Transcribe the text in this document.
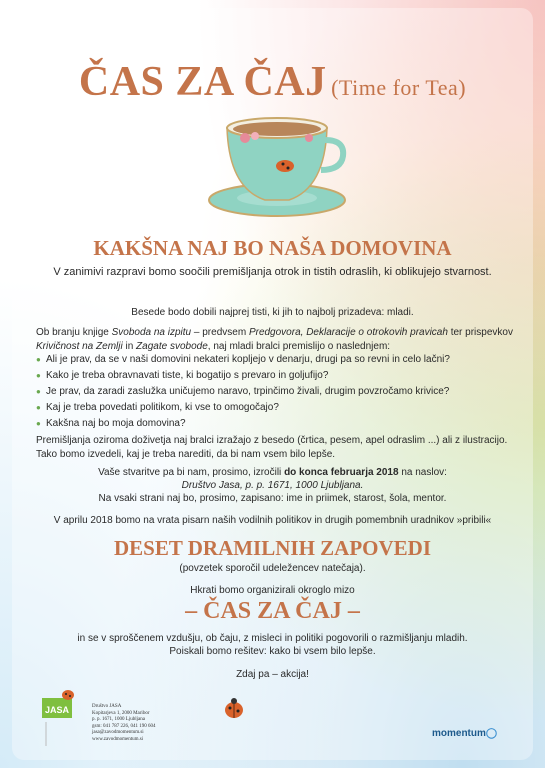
ČAS ZA ČAJ (Time for Tea)
KAKŠNA NAJ BO NAŠA DOMOVINA
V zanimivi razpravi bomo soočili premišljanja otrok in tistih odraslih, ki oblikujejo stvarnost.
Besede bodo dobili najprej tisti, ki jih to najbolj prizadeva: mladi.

Ob branju knjige Svoboda na izpitu – predvsem Predgovora, Deklaracije o otrokovih pravicah ter prispevkov Krivičnost na Zemlji in Zagate svobode, naj mladi bralci premislijo o naslednjem:

● Ali je prav, da se v naši domovini nekateri kopljejo v denarju, drugi pa so revni in celo lačni?
● Kako je treba obravnavati tiste, ki bogatijo s prevaro in goljufijo?
● Je prav, da zaradi zaslužka uničujemo naravo, trpinčimo živali, drugim povzročamo krivice?
● Kaj je treba povedati politikom, ki vse to omogočajo?
● Kakšna naj bo moja domovina?

Premišljanja oziroma doživetja naj bralci izražajo z besedo (črtica, pesem, apel odraslim ...) ali z ilustracijo.

Tako bomo izvedeli, kaj je treba narediti, da bi nam vsem bilo lepše.

Vaše stvaritve pa bi nam, prosimo, izročili do konca februarja 2018 na naslov:
Društvo Jasa, p. p. 1671, 1000 Ljubljana.
Na vsaki strani naj bo, prosimo, zapisano: ime in priimek, starost, šola, mentor.
V aprilu 2018 bomo na vrata pisarn naših vodilnih politikov in drugih pomembnih uradnikov »pribili«
DESET DRAMILNIH ZAPOVEDI
(povzetek sporočil udeležencev natečaja).
Hkrati bomo organizirali okroglo mizo
– ČAS ZA ČAJ –
in se v sproščenem vzdušju, ob čaju, z misleci in politiki pogovorili o razmišljanju mladih.
Poiskali bomo rešitev: kako bi vsem bilo lepše.
Zdaj pa – akcija!
JASA	Društvo JASA
Kopitarjeva 1, 2000 Maribor
p. p. 1671, 1000 Ljubljana
gsm: 041 787 226, 041 190 604
jasa@zavodmomentum.si
www.zavodmomentum.si	momentum◯
